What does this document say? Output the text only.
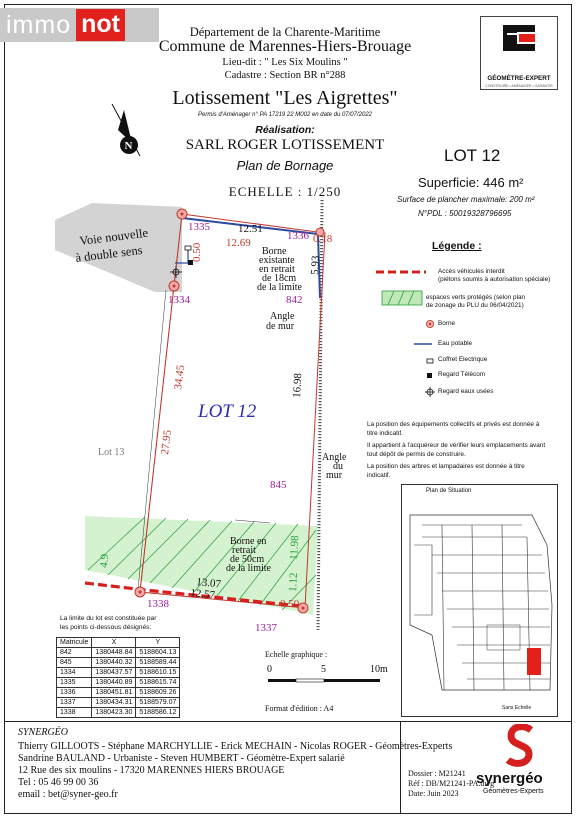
immo not	Département de la Charente-Maritime
Commune de Marennes-Hiers-Brouage
Lieu-dit : " Les Six Moulins "
Cadastre : Section BR n°288
Lotissement "Les Aigrettes"
Permis d'Aménager n° PA 17219 22 M002 en date du 07/07/2022
Réalisation:
SARL ROGER LOTISSEMENT
Plan de Bornage
ECHELLE : 1/250
GÉOMÈTRE-EXPERT
CONSTRUIRE • AMÉNAGER • GARANTIR
LOT 12
Superficie: 446 m²
Surface de plancher maximale: 200 m²
N°PDL : 50019328796695
Légende :
Accès véhicules interdit
(piétons soumis à autorisation spéciale)
espaces verts protégés (selon plan
de zonage du PLU du 06/04/2021)
Borne
Eau potable
Coffret Electrique
Regard Télécom
Regard eaux usées
La position des équipements collectifs et privés est donnée à
titre indicatif.
Il appartient à l'acquéreur de vérifier leurs emplacements avant
tout dépôt de permis de construire.
La position des arbres et lampadaires est donnée à titre
indicatif.
Plan de Situation
Sans Echelle
N
1335
1336
1334	842
845
1338
1337
12.51
12.69	0.18
0.50
34.45
27.95
5.93
16.98
11.98
1.12
13.07
12.57
0.50
4.9
Voie nouvelle
à double sens
LOT 12
Lot 13
Borne
existante
en retrait
de 18cm
de la limite
Angle
de mur
Angle
du
mur
Borne en
retrait
de 50cm
de la limite
Echelle graphique :
0	5	10m
Format d'édition : A4
La limite du lot est constituée par
les points ci-dessous désignés:
Matricule	X	Y
842	1380448.84	5188604.13
845	1380440.32	5188589.44
1334	1380437.57	5188610.15
1335	1380440.89	5188615.74
1336	1380451.81	5188609.26
1337	1380434.31	5188579.07
1338	1380423.30	5188586.12
SYNERGÉO
Thierry GILLOOTS - Stéphane MARCHYLLIE - Erick MECHAIN - Nicolas ROGER - Géomètres-Experts
Sandrine BAULAND - Urbaniste - Steven HUMBERT - Géomètre-Expert salarié
12 Rue des six moulins - 17320 MARENNES HIERS BROUAGE
Tel : 05 46 99 00 36
email : bet@syner-geo.fr
Dossier : M21241
Réf : DB/M21241-PA.dwg
Date: Juin 2023
synergéo
Géomètres-Experts
